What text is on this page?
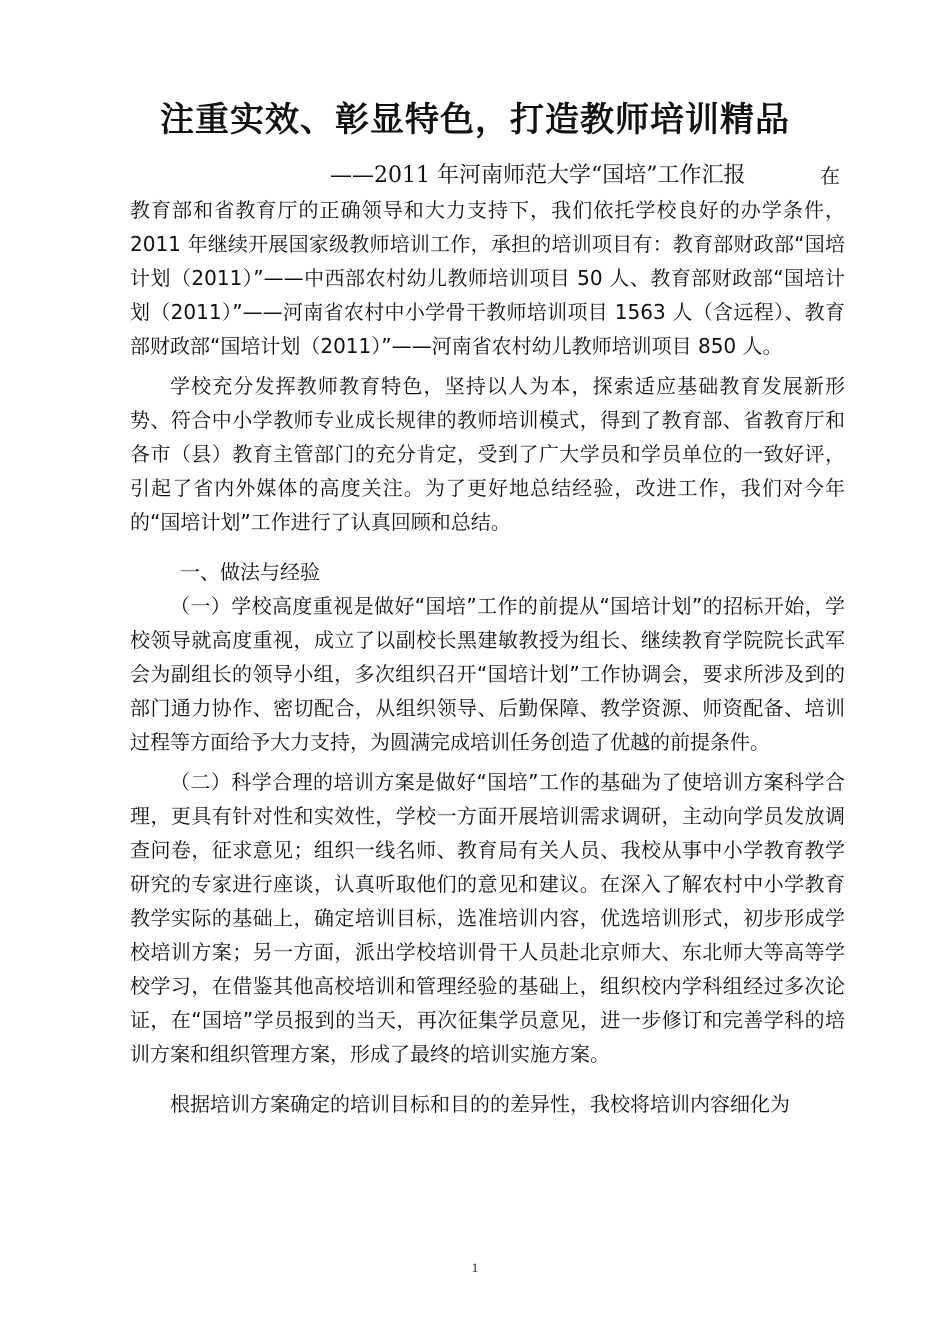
注重实效、彰显特色，打造教师培训精品
——2011 年河南师范大学“国培”工作汇报	在教育部和省教育厅的正确领导和大力支持下，我们依托学校良好的办学条件，2011 年继续开展国家级教师培训工作，承担的培训项目有：教育部财政部“国培计划（2011）”——中西部农村幼儿教师培训项目 50 人、教育部财政部“国培计划（2011）”——河南省农村中小学骨干教师培训项目 1563 人（含远程）、教育部财政部“国培计划（2011）”——河南省农村幼儿教师培训项目 850 人。

学校充分发挥教师教育特色，坚持以人为本，探索适应基础教育发展新形势、符合中小学教师专业成长规律的教师培训模式，得到了教育部、省教育厅和各市（县）教育主管部门的充分肯定，受到了广大学员和学员单位的一致好评，引起了省内外媒体的高度关注。为了更好地总结经验，改进工作，我们对今年的“国培计划”工作进行了认真回顾和总结。

一、做法与经验

（一）学校高度重视是做好“国培”工作的前提从“国培计划”的招标开始，学校领导就高度重视，成立了以副校长黑建敏教授为组长、继续教育学院院长武军会为副组长的领导小组，多次组织召开“国培计划”工作协调会，要求所涉及到的部门通力协作、密切配合，从组织领导、后勤保障、教学资源、师资配备、培训过程等方面给予大力支持，为圆满完成培训任务创造了优越的前提条件。

（二）科学合理的培训方案是做好“国培”工作的基础为了使培训方案科学合理，更具有针对性和实效性，学校一方面开展培训需求调研，主动向学员发放调查问卷，征求意见；组织一线名师、教育局有关人员、我校从事中小学教育教学研究的专家进行座谈，认真听取他们的意见和建议。在深入了解农村中小学教育教学实际的基础上，确定培训目标，选准培训内容，优选培训形式，初步形成学校培训方案；另一方面，派出学校培训骨干人员赴北京师大、东北师大等高等学校学习，在借鉴其他高校培训和管理经验的基础上，组织校内学科组经过多次论证，在“国培”学员报到的当天，再次征集学员意见，进一步修订和完善学科的培训方案和组织管理方案，形成了最终的培训实施方案。

根据培训方案确定的培训目标和目的的差异性，我校将培训内容细化为

1
